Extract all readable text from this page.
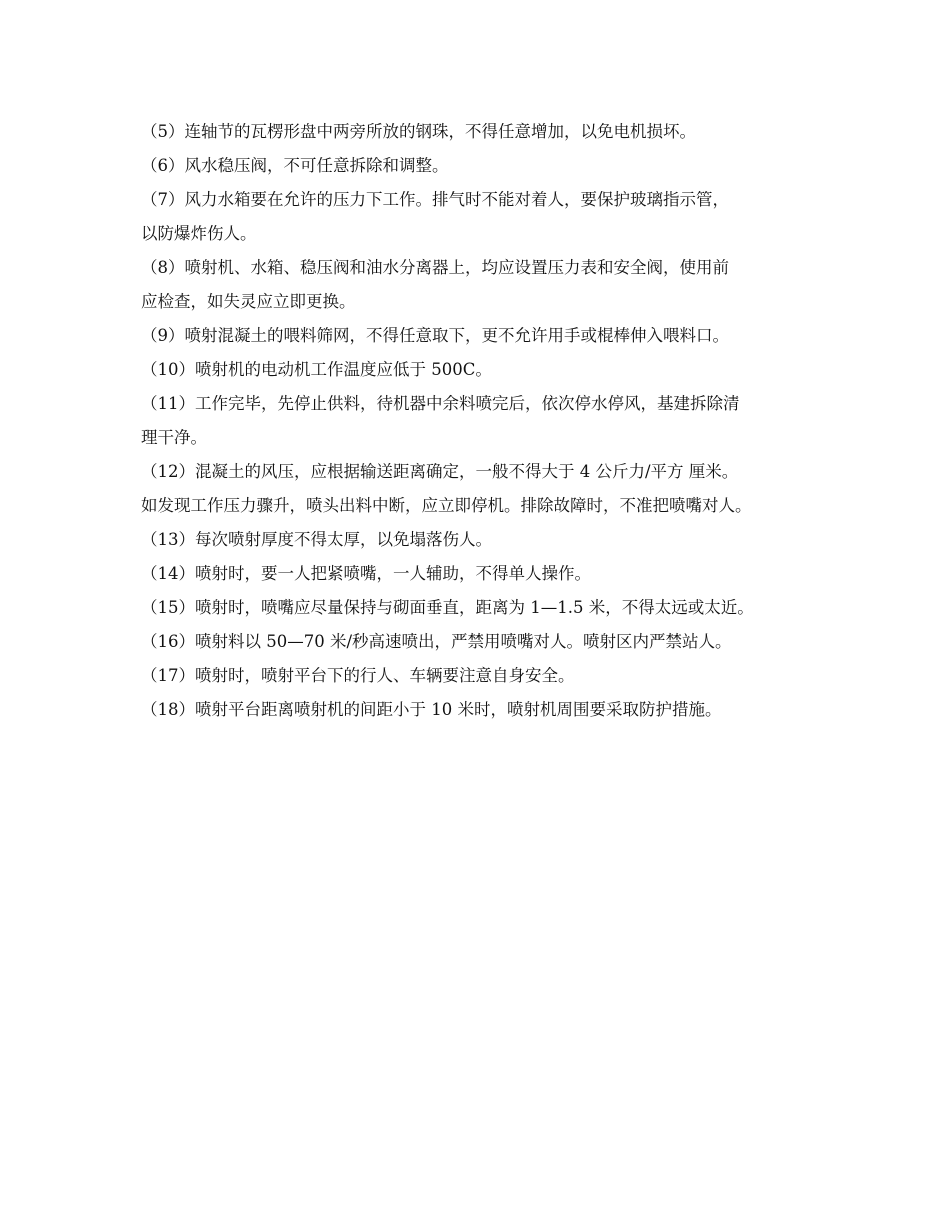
（5）连轴节的瓦楞形盘中两旁所放的钢珠，不得任意增加，以免电机损坏。
（6）风水稳压阀，不可任意拆除和调整。
（7）风力水箱要在允许的压力下工作。排气时不能对着人，要保护玻璃指示管，
以防爆炸伤人。
（8）喷射机、水箱、稳压阀和油水分离器上，均应设置压力表和安全阀，使用前
应检查，如失灵应立即更换。
（9）喷射混凝土的喂料筛网，不得任意取下，更不允许用手或棍棒伸入喂料口。
（10）喷射机的电动机工作温度应低于 500C。
（11）工作完毕，先停止供料，待机器中余料喷完后，依次停水停风，基建拆除清
理干净。
（12）混凝土的风压，应根据输送距离确定，一般不得大于 4 公斤力/平方 厘米。
如发现工作压力骤升，喷头出料中断，应立即停机。排除故障时，不准把喷嘴对人。
（13）每次喷射厚度不得太厚，以免塌落伤人。
（14）喷射时，要一人把紧喷嘴，一人辅助，不得单人操作。
（15）喷射时，喷嘴应尽量保持与砌面垂直，距离为 1—1.5 米，不得太远或太近。
（16）喷射料以 50—70 米/秒高速喷出，严禁用喷嘴对人。喷射区内严禁站人。
（17）喷射时，喷射平台下的行人、车辆要注意自身安全。
（18）喷射平台距离喷射机的间距小于 10 米时，喷射机周围要采取防护措施。
